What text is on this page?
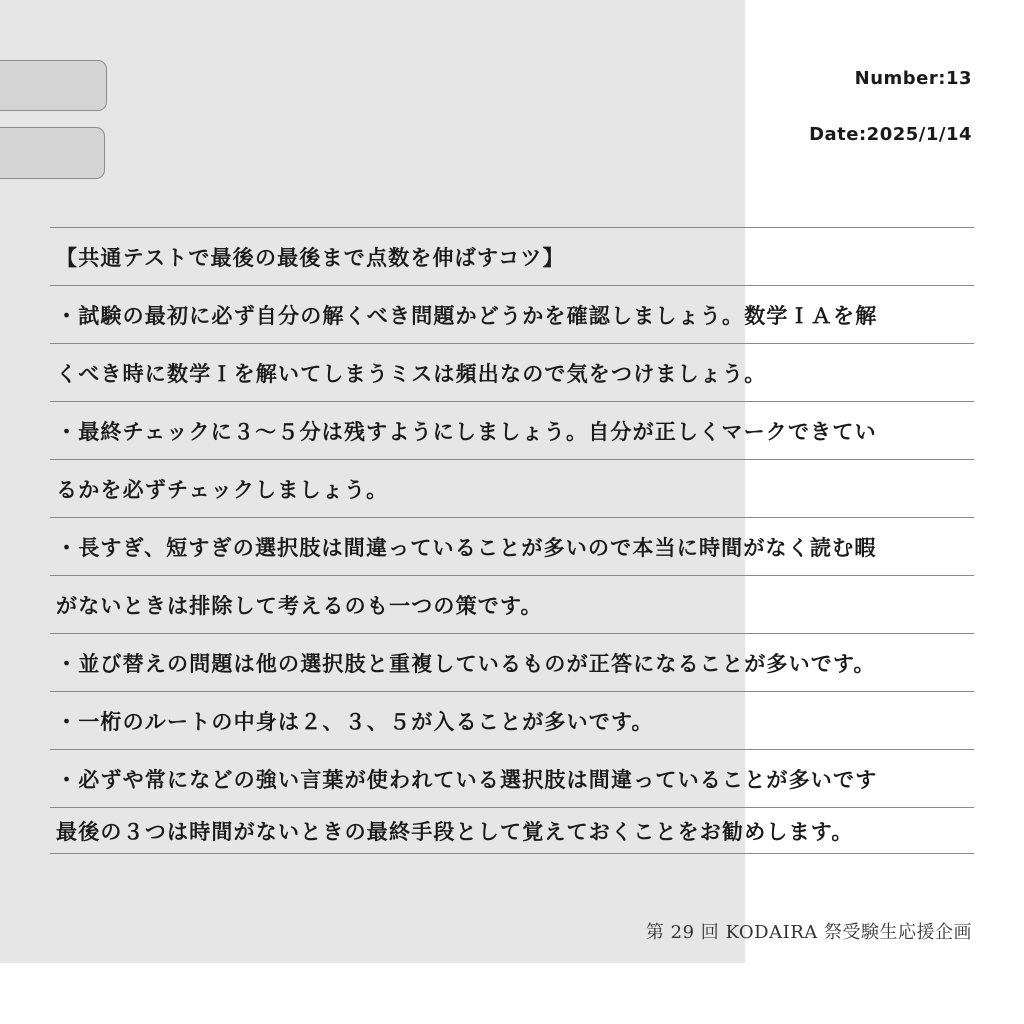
Number:13
Date:2025/1/14
【共通テストで最後の最後まで点数を伸ばすコツ】
・試験の最初に必ず自分の解くべき問題かどうかを確認しましょう。数学ＩＡを解
くべき時に数学Ｉを解いてしまうミスは頻出なので気をつけましょう。
・最終チェックに３〜５分は残すようにしましょう。自分が正しくマークできてい
るかを必ずチェックしましょう。
・長すぎ、短すぎの選択肢は間違っていることが多いので本当に時間がなく読む暇
がないときは排除して考えるのも一つの策です。
・並び替えの問題は他の選択肢と重複しているものが正答になることが多いです。
・一桁のルートの中身は２、３、５が入ることが多いです。
・必ずや常になどの強い言葉が使われている選択肢は間違っていることが多いです
最後の３つは時間がないときの最終手段として覚えておくことをお勧めします。
第 29 回 KODAIRA 祭受験生応援企画
